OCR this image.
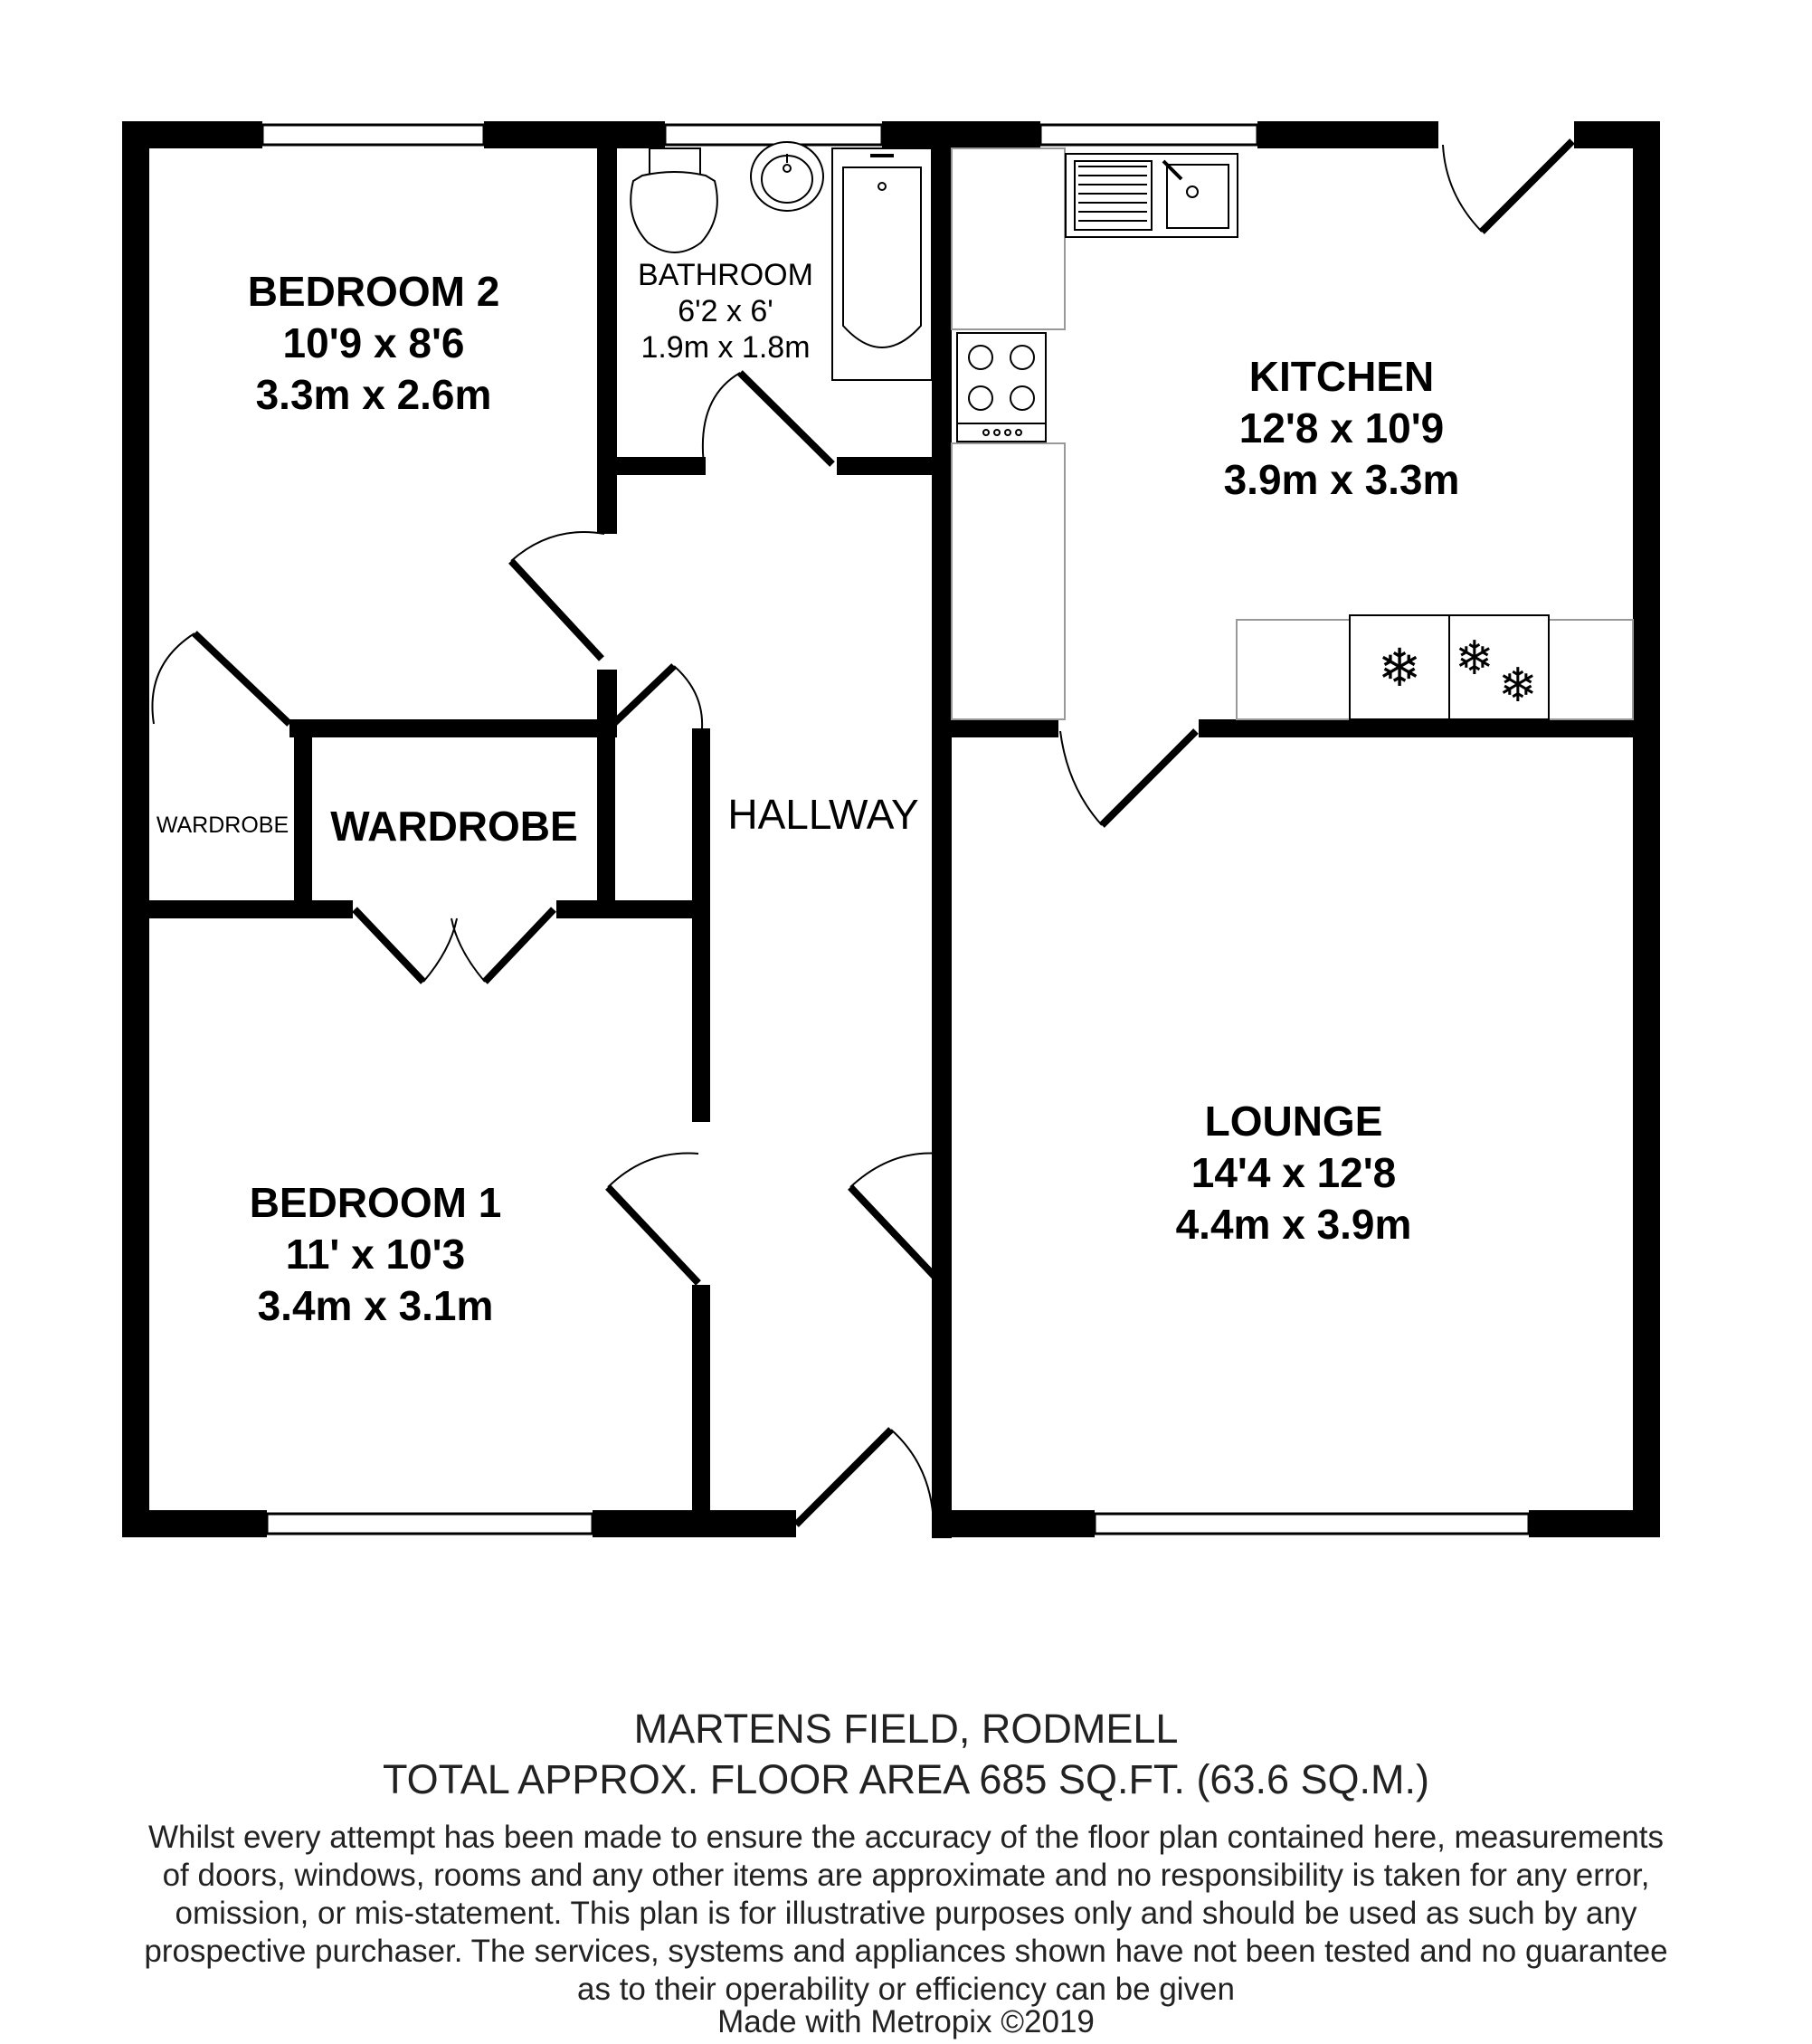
❄ ❄ ❄
BEDROOM 2
10'9 x 8'6
3.3m x 2.6m
BATHROOM
6'2 x 6'
1.9m x 1.8m
KITCHEN
12'8 x 10'9
3.9m x 3.3m
WARDROBE WARDROBE	HALLWAY
LOUNGE
14'4 x 12'8
4.4m x 3.9m
BEDROOM 1
11' x 10'3
3.4m x 3.1m
MARTENS FIELD, RODMELL
TOTAL APPROX. FLOOR AREA 685 SQ.FT. (63.6 SQ.M.)
Whilst every attempt has been made to ensure the accuracy of the floor plan contained here, measurements of doors, windows, rooms and any other items are approximate and no responsibility is taken for any error, omission, or mis-statement. This plan is for illustrative purposes only and should be used as such by any prospective purchaser. The services, systems and appliances shown have not been tested and no guarantee as to their operability or efficiency can be given
Made with Metropix ©2019
